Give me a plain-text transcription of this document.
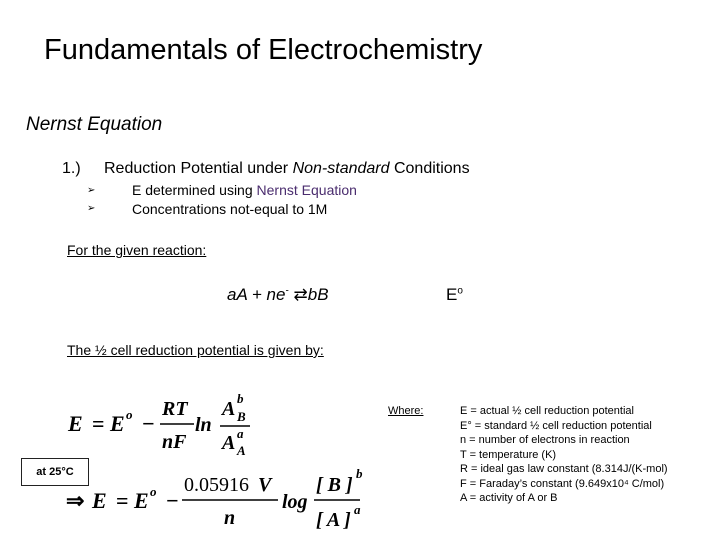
Fundamentals of Electrochemistry
Nernst Equation
1.) Reduction Potential under Non-standard Conditions
➢
➢
E determined using Nernst Equation
Concentrations not-equal to 1M
For the given reaction:
aA + ne- ⇄bB	$E^o$
The ½ cell reduction potential is given by:
E = E o −
RT
nF
ln
A b
B
A a
A
⇒ E = E o −
0.05916 V
n
log
[ B ]
b
[ A ] a
at 25°C
Where:	E = actual ½ cell reduction potential
E° = standard ½ cell reduction potential
n = number of electrons in reaction
T = temperature (K)
R = ideal gas law constant (8.314J/(K-mol)
F = Faraday’s constant (9.649x10⁴ C/mol)
A = activity of A or B
